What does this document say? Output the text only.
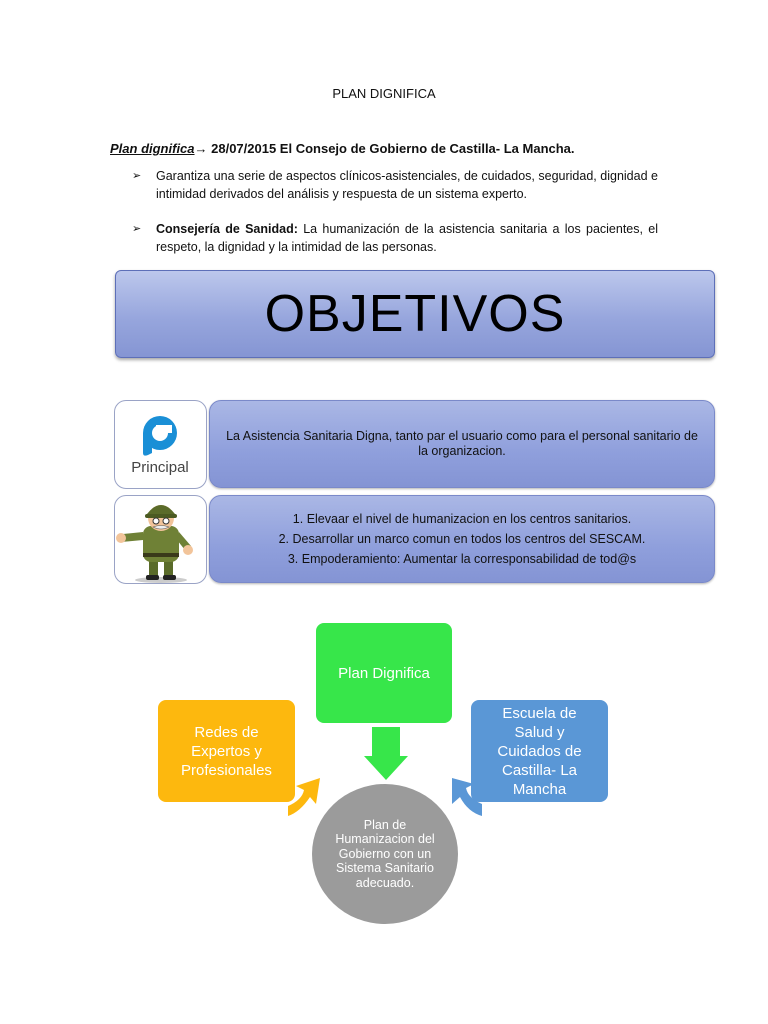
PLAN DIGNIFICA
Plan dignifica→ 28/07/2015 El Consejo de Gobierno de Castilla- La Mancha.
➢ Garantiza una serie de aspectos clínicos-asistenciales, de cuidados, seguridad, dignidad e intimidad derivados del análisis y respuesta de un sistema experto.
➢ Consejería de Sanidad: La humanización de la asistencia sanitaria a los pacientes, el respeto, la dignidad y la intimidad de las personas.
OBJETIVOS
Principal

La Asistencia Sanitaria Digna, tanto par el usuario como para el personal sanitario de la organizacion.

1. Elevaar el nivel de humanizacion en los centros sanitarios.

2. Desarrollar un marco comun en todos los centros del SESCAM.

3. Empoderamiento: Aumentar la corresponsabilidad de tod@s

Plan Dignifica
Redes de Expertos y Profesionales
Escuela de Salud y Cuidados de Castilla- La Mancha
Plan de Humanizacion del Gobierno con un Sistema Sanitario adecuado.
